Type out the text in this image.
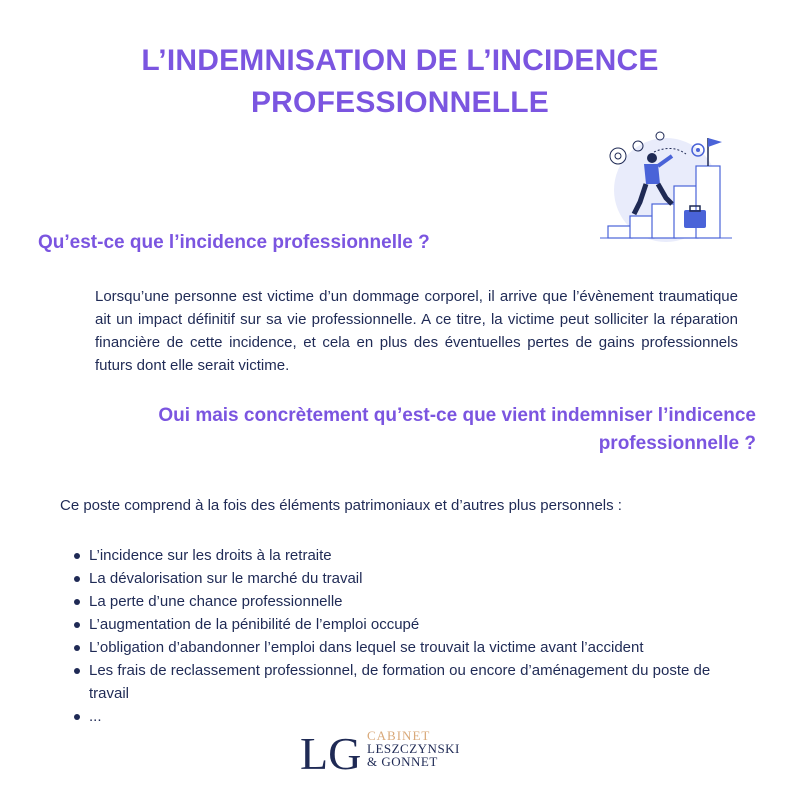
L’INDEMNISATION DE L’INCIDENCE
PROFESSIONNELLE
Qu’est-ce que l’incidence professionnelle ?

Lorsqu’une personne est victime d’un dommage corporel, il arrive que l’évènement traumatique ait un impact définitif sur sa vie professionnelle. A ce titre, la victime peut solliciter la réparation financière de cette incidence, et cela en plus des éventuelles pertes de gains professionnels futurs dont elle serait victime.

Oui mais concrètement qu’est-ce que vient indemniser l’indicence
professionnelle ?

Ce poste comprend à la fois des éléments patrimoniaux et d’autres plus personnels :

L’incidence sur les droits à la retraite
La dévalorisation sur le marché du travail
La perte d’une chance professionnelle
L’augmentation de la pénibilité de l’emploi occupé
L’obligation d’abandonner l’emploi dans lequel se trouvait la victime avant l’accident
Les frais de reclassement professionnel, de formation ou encore d’aménagement du poste de travail
...
LG CABINET
LESZCZYNSKI
& GONNET
